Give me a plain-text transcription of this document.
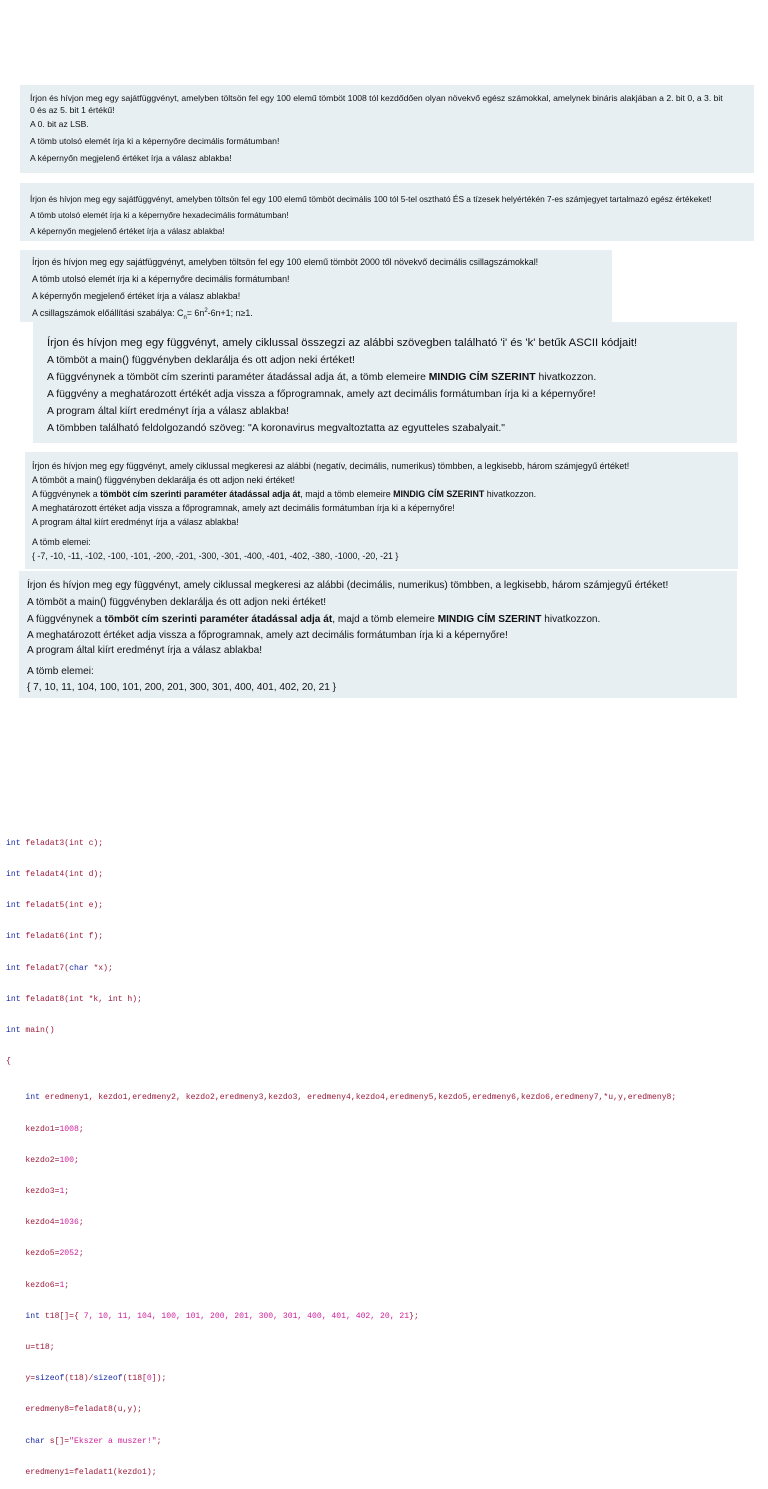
Írjon és hívjon meg egy sajátfüggvényt, amelyben töltsön fel egy 100 elemű tömböt 1008 tól kezdődően olyan növekvő egész számokkal, amelynek bináris alakjában a 2. bit 0, a 3. bit

0 és az 5. bit 1 értékű!

A 0. bit az LSB.

A tömb utolsó elemét írja ki a képernyőre decimális formátumban!

A képernyőn megjelenő értéket írja a válasz ablakba!

Írjon és hívjon meg egy sajátfüggvényt, amelyben töltsön fel egy 100 elemű tömböt decimális 100 tól 5-tel osztható ÉS a tízesek helyértékén 7-es számjegyet tartalmazó egész értékeket!

A tömb utolsó elemét írja ki a képernyőre hexadecimális formátumban!

A képernyőn megjelenő értéket írja a válasz ablakba!

Írjon és hívjon meg egy sajátfüggvényt, amelyben töltsön fel egy 100 elemű tömböt 2000 től növekvő decimális csillagszámokkal!

A tömb utolsó elemét írja ki a képernyőre decimális formátumban!

A képernyőn megjelenő értéket írja a válasz ablakba!

A csillagszámok előállítási szabálya: $C_n= 6n^2-6n+1$; n≥1.

Írjon és hívjon meg egy függvényt, amely ciklussal összegzi az alábbi szövegben található 'i' és 'k' betűk ASCII kódjait!

A tömböt a main() függvényben deklarálja és ott adjon neki értéket!

A függvénynek a tömböt cím szerinti paraméter átadással adja át, a tömb elemeire MINDIG CÍM SZERINT hivatkozzon.

A függvény a meghatározott értékét adja vissza a főprogramnak, amely azt decimális formátumban írja ki a képernyőre!

A program által kiírt eredményt írja a válasz ablakba!

A tömbben található feldolgozandó szöveg: "A koronavirus megvaltoztatta az egyutteles szabalyait."

Írjon és hívjon meg egy függvényt, amely ciklussal megkeresi az alábbi (negatív, decimális, numerikus) tömbben, a legkisebb, három számjegyű értéket!

A tömböt a main() függvényben deklarálja és ott adjon neki értéket!

A függvénynek a tömböt cím szerinti paraméter átadással adja át, majd a tömb elemeire MINDIG CÍM SZERINT hivatkozzon.

A meghatározott értéket adja vissza a főprogramnak, amely azt decimális formátumban írja ki a képernyőre!

A program által kiírt eredményt írja a válasz ablakba!

A tömb elemei:

{ -7, -10, -11, -102, -100, -101, -200, -201, -300, -301, -400, -401, -402, -380, -1000, -20, -21 }

Írjon és hívjon meg egy függvényt, amely ciklussal megkeresi az alábbi (decimális, numerikus) tömbben, a legkisebb, három számjegyű értéket!

A tömböt a main() függvényben deklarálja és ott adjon neki értéket!

A függvénynek a tömböt cím szerinti paraméter átadással adja át, majd a tömb elemeire MINDIG CÍM SZERINT hivatkozzon.

A meghatározott értéket adja vissza a főprogramnak, amely azt decimális formátumban írja ki a képernyőre!

A program által kiírt eredményt írja a válasz ablakba!

A tömb elemei:

{ 7, 10, 11, 104, 100, 101, 200, 201, 300, 301, 400, 401, 402, 20, 21 }

int feladat3(int c);

int feladat4(int d);

int feladat5(int e);

int feladat6(int f);

int feladat7(char *x);

int feladat8(int *k, int h);

int main()

{

int eredmeny1, kezdo1,eredmeny2, kezdo2,eredmeny3,kezdo3, eredmeny4,kezdo4,eredmeny5,kezdo5,eredmeny6,kezdo6,eredmeny7,*u,y,eredmeny8;

kezdo1=1008;

kezdo2=100;

kezdo3=1;

kezdo4=1036;

kezdo5=2052;

kezdo6=1;

int t18[]={ 7, 10, 11, 104, 100, 101, 200, 201, 300, 301, 400, 401, 402, 20, 21};

u=t18;

y=sizeof(t18)/sizeof(t18[0]);

eredmeny8=feladat8(u,y);

char s[]="Ekszer a muszer!";

eredmeny1=feladat1(kezdo1);
